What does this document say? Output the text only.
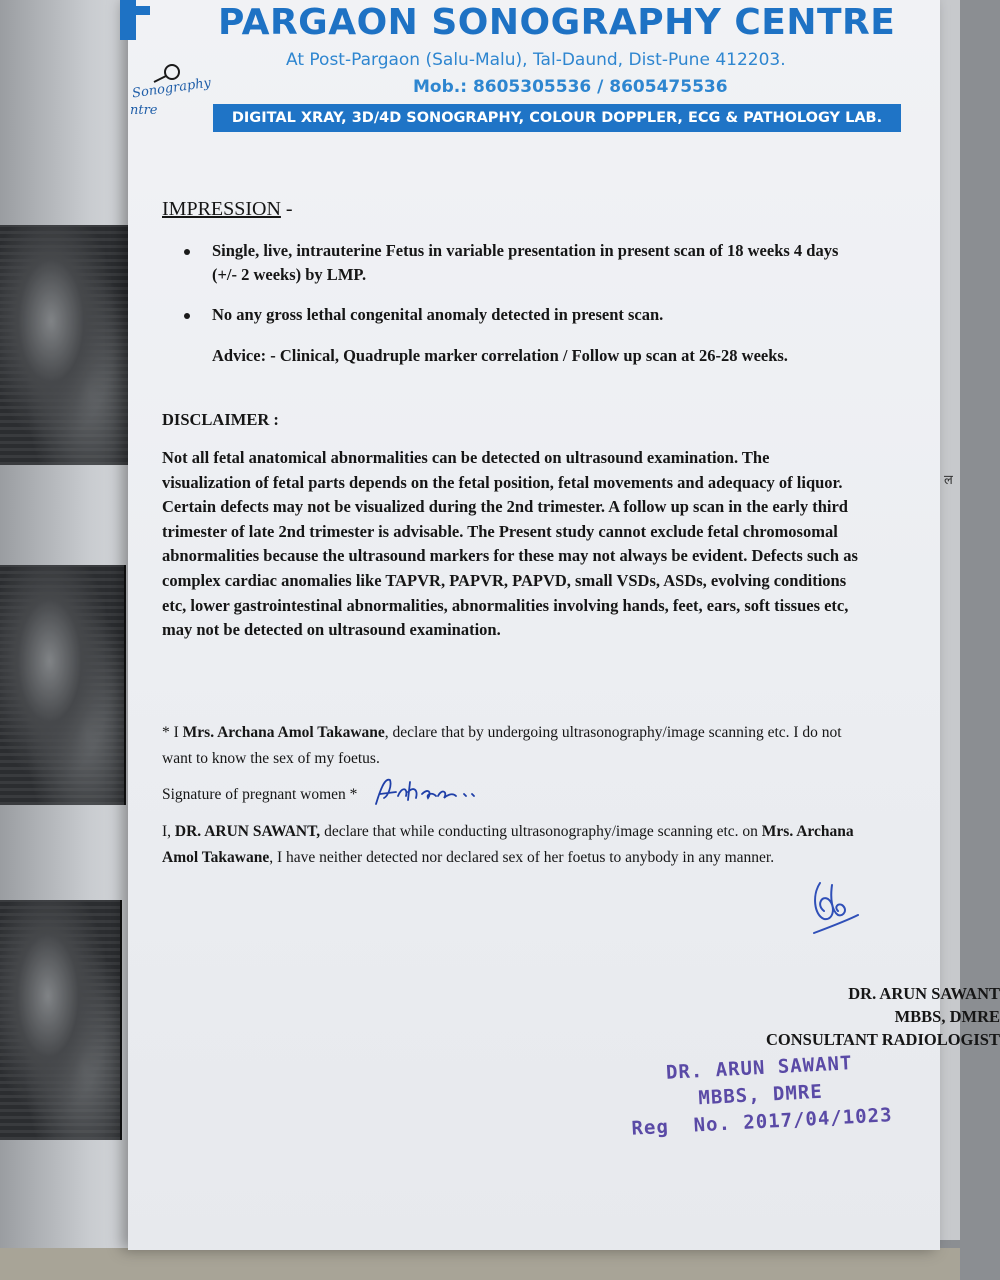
ल
Sonography
ntre
PARGAON SONOGRAPHY CENTRE
At Post-Pargaon (Salu-Malu), Tal-Daund, Dist-Pune 412203.
Mob.: 8605305536 / 8605475536
DIGITAL XRAY, 3D/4D SONOGRAPHY, COLOUR DOPPLER, ECG & PATHOLOGY LAB.
IMPRESSION -
Single, live, intrauterine Fetus in variable presentation in present scan of 18 weeks 4 days (+/- 2 weeks) by LMP.
No any gross lethal congenital anomaly detected in present scan.
Advice: - Clinical, Quadruple marker correlation / Follow up scan at 26-28 weeks.
DISCLAIMER :
Not all fetal anatomical abnormalities can be detected on ultrasound examination. The visualization of fetal parts depends on the fetal position, fetal movements and adequacy of liquor. Certain defects may not be visualized during the 2nd trimester. A follow up scan in the early third trimester of late 2nd trimester is advisable. The Present study cannot exclude fetal chromosomal abnormalities because the ultrasound markers for these may not always be evident. Defects such as complex cardiac anomalies like TAPVR, PAPVR, PAPVD, small VSDs, ASDs, evolving conditions etc, lower gastrointestinal abnormalities, abnormalities involving hands, feet, ears, soft tissues etc, may not be detected on ultrasound examination.
* I Mrs. Archana Amol Takawane, declare that by undergoing ultrasonography/image scanning etc. I do not want to know the sex of my foetus.
Signature of pregnant women *
I, DR. ARUN SAWANT, declare that while conducting ultrasonography/image scanning etc. on Mrs. Archana Amol Takawane, I have neither detected nor declared sex of her foetus to anybody in any manner.
DR. ARUN SAWANT
MBBS, DMRE
CONSULTANT RADIOLOGIST
DR. ARUN SAWANT
MBBS, DMRE
Reg  No. 2017/04/1023
